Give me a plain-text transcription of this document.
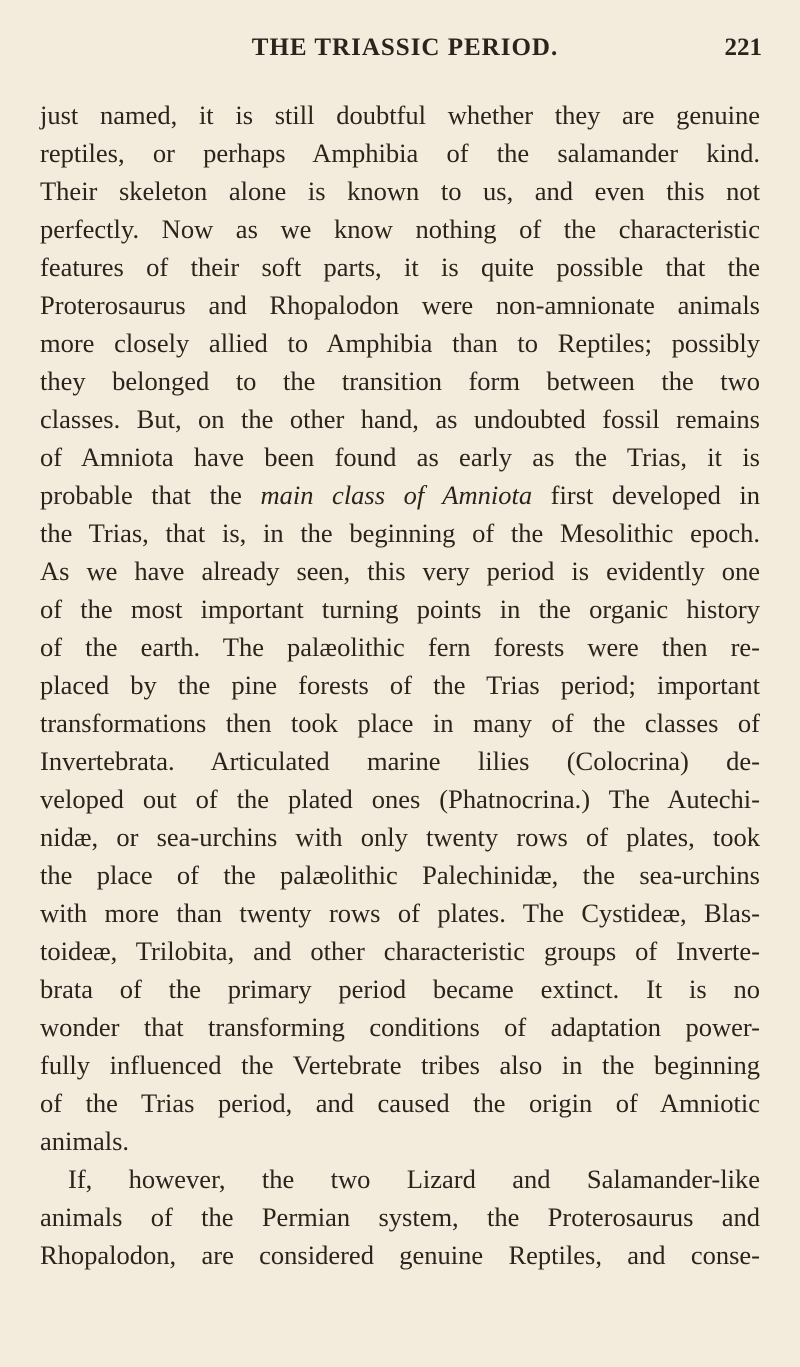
THE TRIASSIC PERIOD.	221
just named, it is still doubtful whether they are genuine
reptiles, or perhaps Amphibia of the salamander kind.
Their skeleton alone is known to us, and even this not
perfectly. Now as we know nothing of the characteristic
features of their soft parts, it is quite possible that the
Proterosaurus and Rhopalodon were non-amnionate animals
more closely allied to Amphibia than to Reptiles; possibly
they belonged to the transition form between the two
classes. But, on the other hand, as undoubted fossil remains
of Amniota have been found as early as the Trias, it is
probable that the main class of Amniota first developed in
the Trias, that is, in the beginning of the Mesolithic epoch.
As we have already seen, this very period is evidently one
of the most important turning points in the organic history
of the earth. The palæolithic fern forests were then re-
placed by the pine forests of the Trias period; important
transformations then took place in many of the classes of
Invertebrata. Articulated marine lilies (Colocrina) de-
veloped out of the plated ones (Phatnocrina.) The Autechi-
nidæ, or sea-urchins with only twenty rows of plates, took
the place of the palæolithic Palechinidæ, the sea-urchins
with more than twenty rows of plates. The Cystideæ, Blas-
toideæ, Trilobita, and other characteristic groups of Inverte-
brata of the primary period became extinct. It is no
wonder that transforming conditions of adaptation power-
fully influenced the Vertebrate tribes also in the beginning
of the Trias period, and caused the origin of Amniotic
animals.
If, however, the two Lizard and Salamander-like
animals of the Permian system, the Proterosaurus and
Rhopalodon, are considered genuine Reptiles, and conse-
